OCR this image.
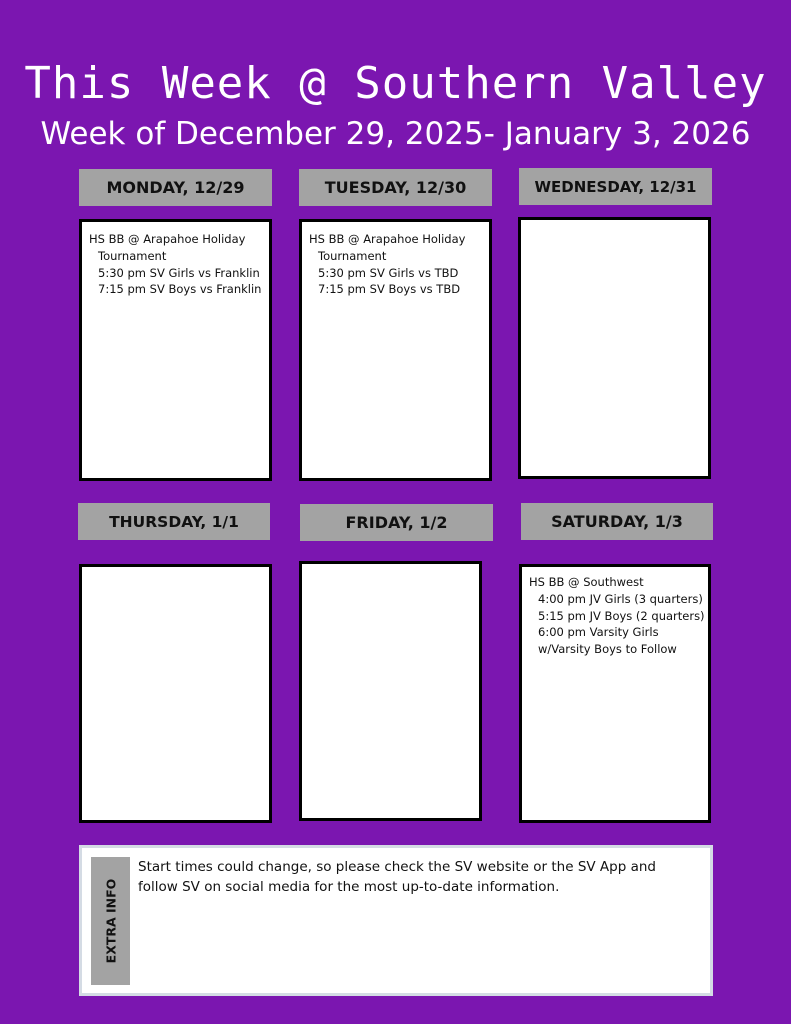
This Week @ Southern Valley
Week of December 29, 2025- January 3, 2026
MONDAY, 12/29
HS BB @ Arapahoe Holiday
Tournament
5:30 pm SV Girls vs Franklin
7:15 pm SV Boys vs Franklin
TUESDAY, 12/30
HS BB @ Arapahoe Holiday
Tournament
5:30 pm SV Girls vs TBD
7:15 pm SV Boys vs TBD
WEDNESDAY, 12/31
THURSDAY, 1/1	FRIDAY, 1/2	SATURDAY, 1/3
HS BB @ Southwest
4:00 pm JV Girls (3 quarters)
5:15 pm JV Boys (2 quarters)
6:00 pm Varsity Girls
w/Varsity Boys to Follow
EXTRA INFO
Start times could change, so please check the SV website or the SV App and follow SV on social media for the most up-to-date information.
